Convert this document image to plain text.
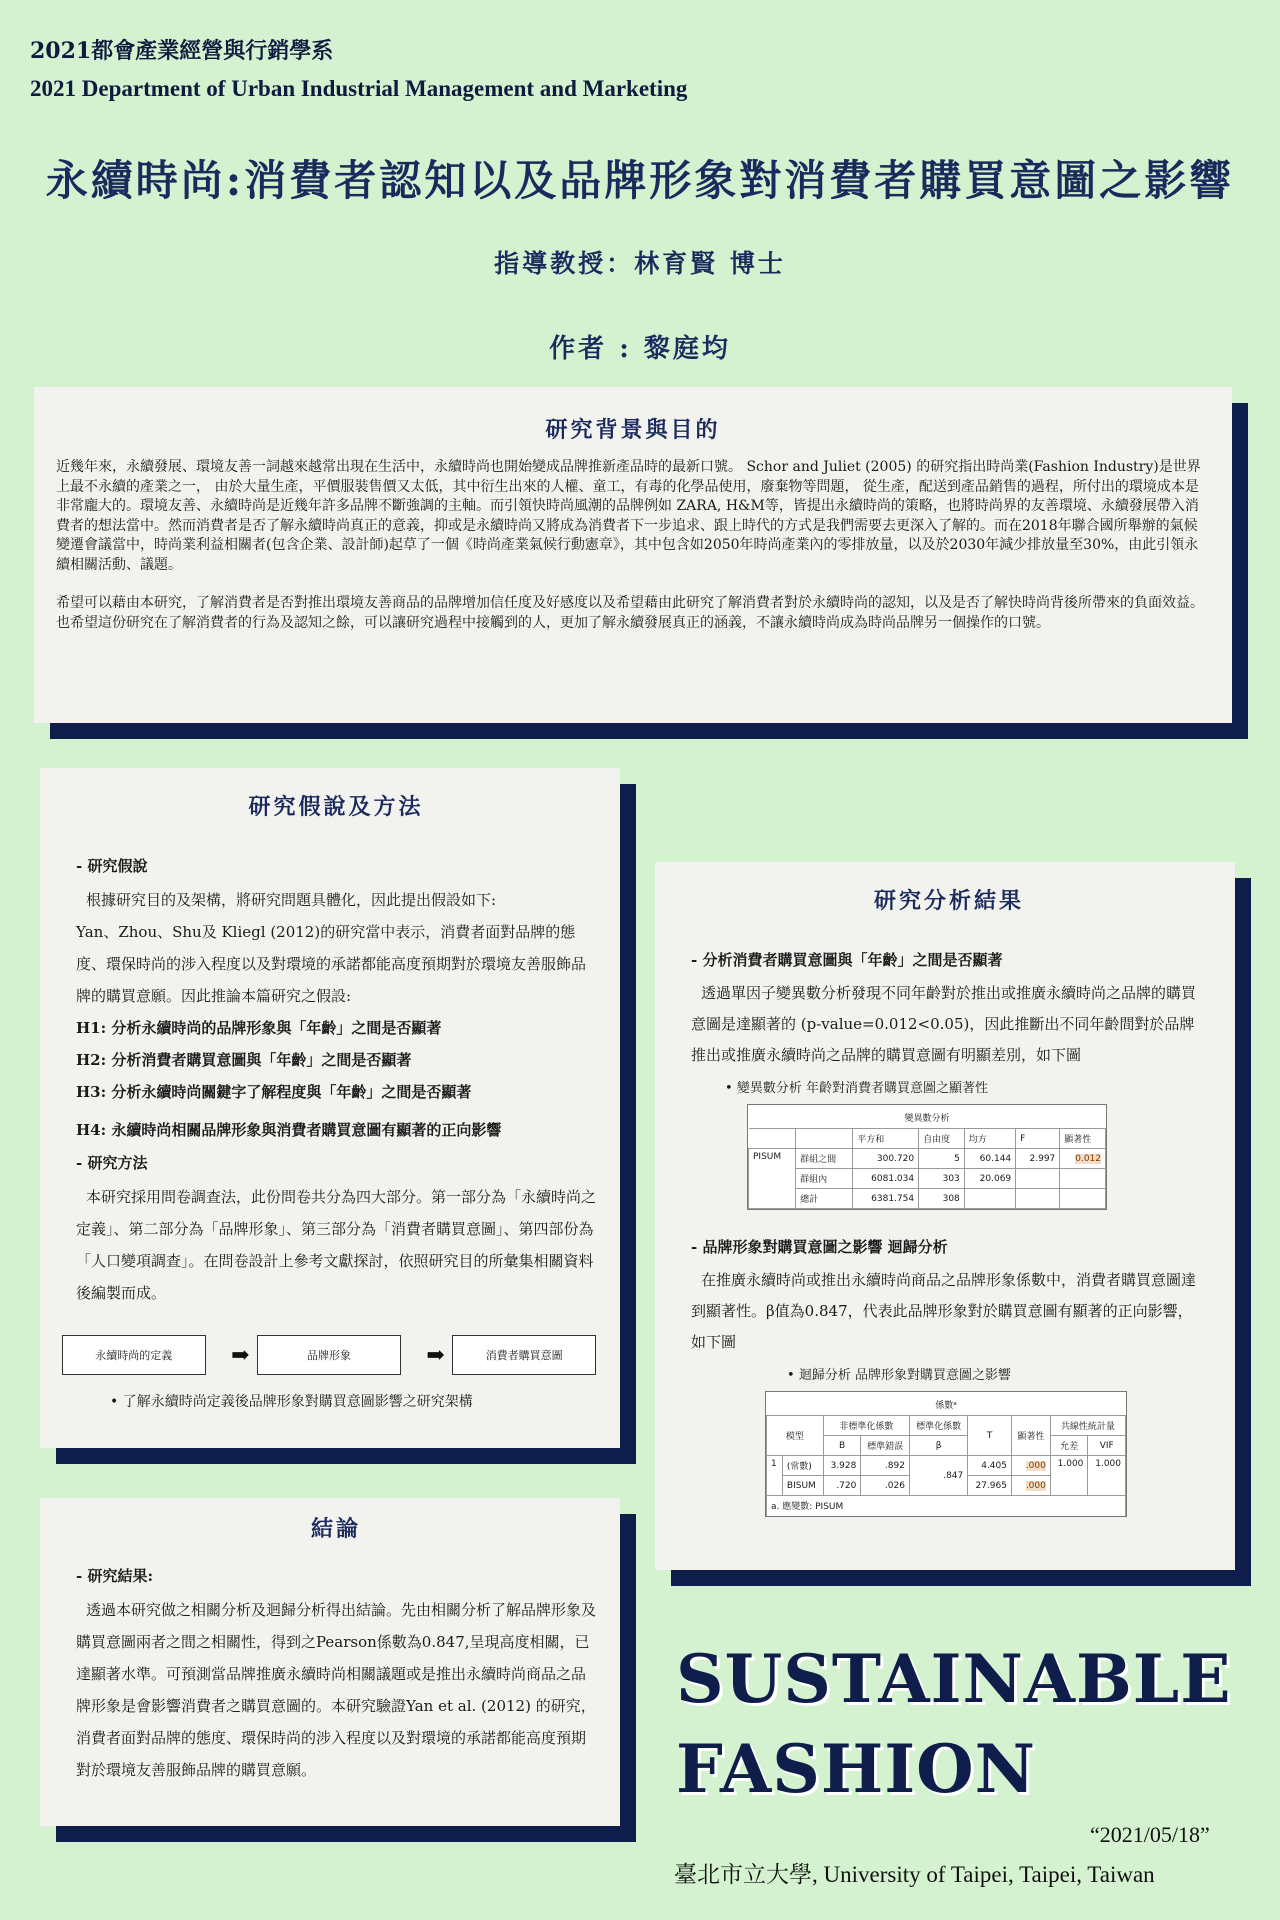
2021都會產業經營與行銷學系
2021 Department of Urban Industrial Management and Marketing
永續時尚:消費者認知以及品牌形象對消費者購買意圖之影響
指導教授：林育賢 博士
作者 : 黎庭均
研究背景與目的

近幾年來，永續發展、環境友善一詞越來越常出現在生活中，永續時尚也開始變成品牌推新產品時的最新口號。 Schor and Juliet (2005) 的研究指出時尚業(Fashion Industry)是世界上最不永續的產業之一， 由於大量生產，平價服裝售價又太低，其中衍生出來的人權、童工，有毒的化學品使用，廢棄物等問題， 從生產，配送到產品銷售的過程，所付出的環境成本是非常龐大的。環境友善、永續時尚是近幾年許多品牌不斷強調的主軸。而引領快時尚風潮的品牌例如 ZARA, H&M等，皆提出永續時尚的策略，也將時尚界的友善環境、永續發展帶入消費者的想法當中。然而消費者是否了解永續時尚真正的意義，抑或是永續時尚又將成為消費者下一步追求、跟上時代的方式是我們需要去更深入了解的。而在2018年聯合國所舉辦的氣候變遷會議當中，時尚業利益相關者(包含企業、設計師)起草了一個《時尚產業氣候行動憲章》，其中包含如2050年時尚產業內的零排放量，以及於2030年減少排放量至30%，由此引領永續相關活動、議題。

希望可以藉由本研究，了解消費者是否對推出環境友善商品的品牌增加信任度及好感度以及希望藉由此研究了解消費者對於永續時尚的認知，以及是否了解快時尚背後所帶來的負面效益。也希望這份研究在了解消費者的行為及認知之餘，可以讓研究過程中接觸到的人，更加了解永續發展真正的涵義，不讓永續時尚成為時尚品牌另一個操作的口號。

研究假說及方法
- 研究假說
根據研究目的及架構，將研究問題具體化，因此提出假設如下:
Yan、Zhou、Shu及 Kliegl (2012)的研究當中表示，消費者面對品牌的態度、環保時尚的涉入程度以及對環境的承諾都能高度預期對於環境友善服飾品牌的購買意願。因此推論本篇研究之假設:
H1: 分析永續時尚的品牌形象與「年齡」之間是否顯著
H2: 分析消費者購買意圖與「年齡」之間是否顯著
H3: 分析永續時尚關鍵字了解程度與「年齡」之間是否顯著
H4: 永續時尚相關品牌形象與消費者購買意圖有顯著的正向影響
- 研究方法
本研究採用問卷調查法，此份問卷共分為四大部分。第一部分為「永續時尚之定義」、第二部分為「品牌形象」、第三部分為「消費者購買意圖」、第四部份為「人口變項調查」。在問卷設計上參考文獻探討，依照研究目的所彙集相關資料後編製而成。
永續時尚的定義	➡	品牌形象	➡	消費者購買意圖
• 了解永續時尚定義後品牌形象對購買意圖影響之研究架構
研究分析結果
- 分析消費者購買意圖與「年齡」之間是否顯著
透過單因子變異數分析發現不同年齡對於推出或推廣永續時尚之品牌的購買意圖是達顯著的 (p-value=0.012<0.05)，因此推斷出不同年齡間對於品牌推出或推廣永續時尚之品牌的購買意圖有明顯差別，如下圖
• 變異數分析 年齡對消費者購買意圖之顯著性
變異數分析
		平方和	自由度	均方	F	顯著性
PISUM	群組之間	300.720	5	60.144	2.997	0.012
	群組內	6081.034	303	20.069		
	總計	6381.754	308			
- 品牌形象對購買意圖之影響 迴歸分析
在推廣永續時尚或推出永續時尚商品之品牌形象係數中，消費者購買意圖達到顯著性。β值為0.847，代表此品牌形象對於購買意圖有顯著的正向影響，如下圖
• 迴歸分析 品牌形象對購買意圖之影響
係數ᵃ
模型		非標準化係數		標準化係數	T	顯著性	共線性統計量	
		B	標準錯誤	β			允差	VIF
1	(常數)	3.928	.892	.847	4.405	.000	1.000	1.000
	BISUM	.720	.026		27.965	.000		
a. 應變數: PISUM								
結論
- 研究結果:
透過本研究做之相關分析及迴歸分析得出結論。先由相關分析了解品牌形象及購買意圖兩者之間之相關性，得到之Pearson係數為0.847,呈現高度相關，已達顯著水準。可預測當品牌推廣永續時尚相關議題或是推出永續時尚商品之品牌形象是會影響消費者之購買意圖的。本研究驗證Yan et al. (2012) 的研究，消費者面對品牌的態度、環保時尚的涉入程度以及對環境的承諾都能高度預期對於環境友善服飾品牌的購買意願。
SUSTAINABLE
FASHION
“2021/05/18”
臺北市立大學, University of Taipei, Taipei, Taiwan
